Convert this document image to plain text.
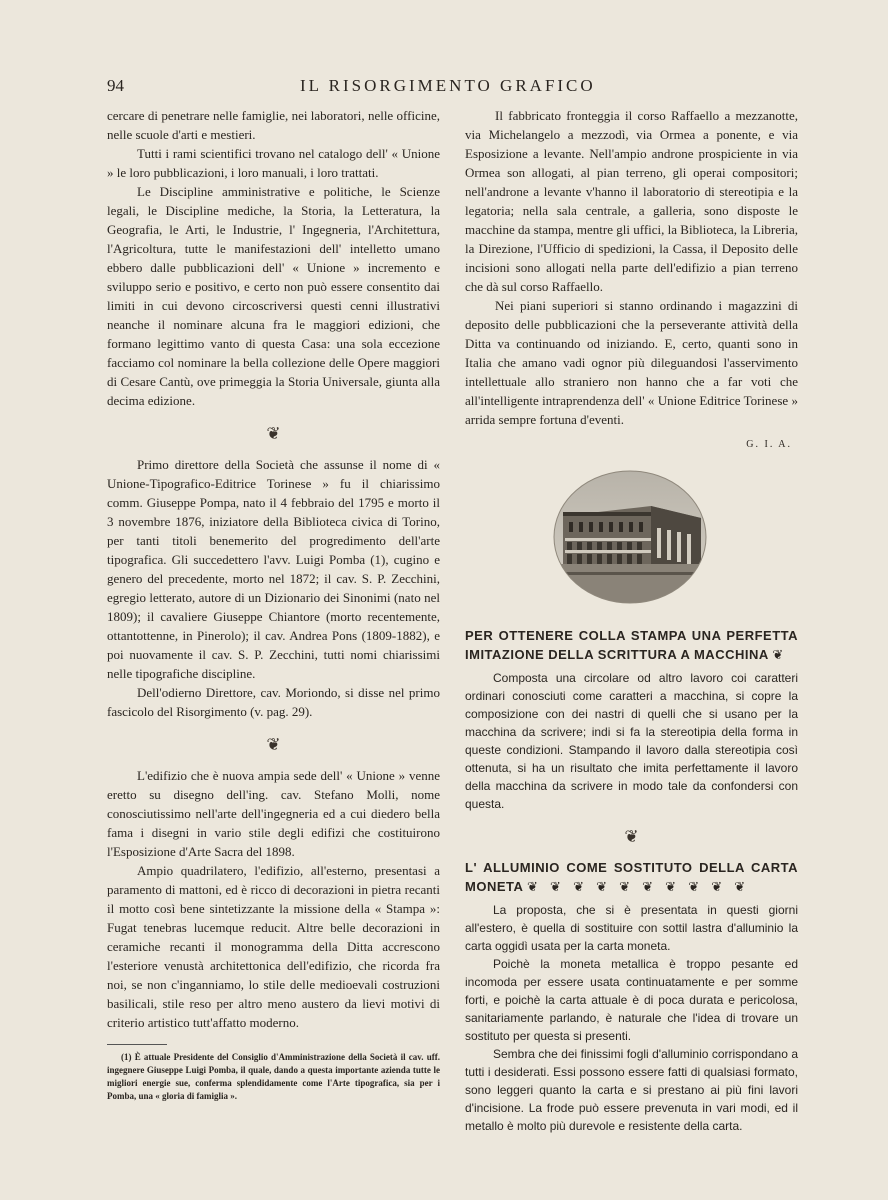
94	IL RISORGIMENTO GRAFICO

cercare di penetrare nelle famiglie, nei laboratori, nelle officine, nelle scuole d'arti e mestieri.

Tutti i rami scientifici trovano nel catalogo dell' « Unione » le loro pubblicazioni, i loro manuali, i loro trattati.

Le Discipline amministrative e politiche, le Scienze legali, le Discipline mediche, la Storia, la Letteratura, la Geografia, le Arti, le Industrie, l' Ingegneria, l'Architettura, l'Agricoltura, tutte le manifestazioni dell' intelletto umano ebbero dalle pubblicazioni dell' « Unione » incremento e sviluppo serio e positivo, e certo non può essere consentito dai limiti in cui devono circoscriversi questi cenni illustrativi neanche il nominare alcuna fra le maggiori edizioni, che formano legittimo vanto di questa Casa: una sola eccezione facciamo col nominare la bella collezione delle Opere maggiori di Cesare Cantù, ove primeggia la Storia Universale, giunta alla decima edizione.

❦

Primo direttore della Società che assunse il nome di « Unione-Tipografico-Editrice Torinese » fu il chiarissimo comm. Giuseppe Pompa, nato il 4 febbraio del 1795 e morto il 3 novembre 1876, iniziatore della Biblioteca civica di Torino, per tanti titoli benemerito del progredimento dell'arte tipografica. Gli succedettero l'avv. Luigi Pomba (1), cugino e genero del precedente, morto nel 1872; il cav. S. P. Zecchini, egregio letterato, autore di un Dizionario dei Sinonimi (nato nel 1809); il cavaliere Giuseppe Chiantore (morto recentemente, ottantottenne, in Pinerolo); il cav. Andrea Pons (1809-1882), e poi nuovamente il cav. S. P. Zecchini, tutti nomi chiarissimi nelle tipografiche discipline.

Dell'odierno Direttore, cav. Moriondo, si disse nel primo fascicolo del Risorgimento (v. pag. 29).

❦

L'edifizio che è nuova ampia sede dell' « Unione » venne eretto su disegno dell'ing. cav. Stefano Molli, nome conosciutissimo nell'arte dell'ingegneria ed a cui diedero bella fama i disegni in vario stile degli edifizi che costituirono l'Esposizione d'Arte Sacra del 1898.

Ampio quadrilatero, l'edifizio, all'esterno, presentasi a paramento di mattoni, ed è ricco di decorazioni in pietra recanti il motto così bene sintetizzante la missione della « Stampa »: Fugat tenebras lucemque reducit. Altre belle decorazioni in ceramiche recanti il monogramma della Ditta accrescono l'esteriore venustà architettonica dell'edifizio, che ricorda fra noi, se non c'inganniamo, lo stile delle medioevali costruzioni basilicali, stile reso per altro meno austero da lievi motivi di criterio artistico tutt'affatto moderno.

(1) È attuale Presidente del Consiglio d'Amministrazione della Società il cav. uff. ingegnere Giuseppe Luigi Pomba, il quale, dando a questa importante azienda tutte le migliori energie sue, conferma splendidamente come l'Arte tipografica, sia per i Pomba, una « gloria di famiglia ».

Il fabbricato fronteggia il corso Raffaello a mezzanotte, via Michelangelo a mezzodì, via Ormea a ponente, e via Esposizione a levante. Nell'ampio androne prospiciente in via Ormea son allogati, al pian terreno, gli operai compositori; nell'androne a levante v'hanno il laboratorio di stereotipia e la legatoria; nella sala centrale, a galleria, sono disposte le macchine da stampa, mentre gli uffici, la Biblioteca, la Libreria, la Direzione, l'Ufficio di spedizioni, la Cassa, il Deposito delle incisioni sono allogati nella parte dell'edifizio a pian terreno che dà sul corso Raffaello.

Nei piani superiori si stanno ordinando i magazzini di deposito delle pubblicazioni che la perseverante attività della Ditta va continuando od iniziando. E, certo, quanti sono in Italia che amano vadi ognor più dileguandosi l'asservimento intellettuale allo straniero non hanno che a far voti che all'intelligente intraprendenza dell' « Unione Editrice Torinese » arrida sempre fortuna d'eventi.

G. I. A.
PER OTTENERE COLLA STAMPA UNA PERFETTA IMITAZIONE DELLA SCRITTURA A MACCHINA ❦

Composta una circolare od altro lavoro coi caratteri ordinari conosciuti come caratteri a macchina, si copre la composizione con dei nastri di quelli che si usano per la macchina da scrivere; indi si fa la stereotipia della forma in queste condizioni. Stampando il lavoro dalla stereotipia così ottenuta, si ha un risultato che imita perfettamente il lavoro della macchina da scrivere in modo tale da confondersi con questa.

❦
L' ALLUMINIO COME SOSTITUTO DELLA CARTA MONETA ❦ ❦ ❦ ❦ ❦ ❦ ❦ ❦ ❦ ❦

La proposta, che si è presentata in questi giorni all'estero, è quella di sostituire con sottil lastra d'alluminio la carta oggidì usata per la carta moneta.

Poichè la moneta metallica è troppo pesante ed incomoda per essere usata continuatamente e per somme forti, e poichè la carta attuale è di poca durata e pericolosa, sanitariamente parlando, è naturale che l'idea di trovare un sostituto per questa si presenti.

Sembra che dei finissimi fogli d'alluminio corrispondano a tutti i desiderati. Essi possono essere fatti di qualsiasi formato, sono leggeri quanto la carta e si prestano ai più fini lavori d'incisione. La frode può essere prevenuta in vari modi, ed il metallo è molto più durevole e resistente della carta.
